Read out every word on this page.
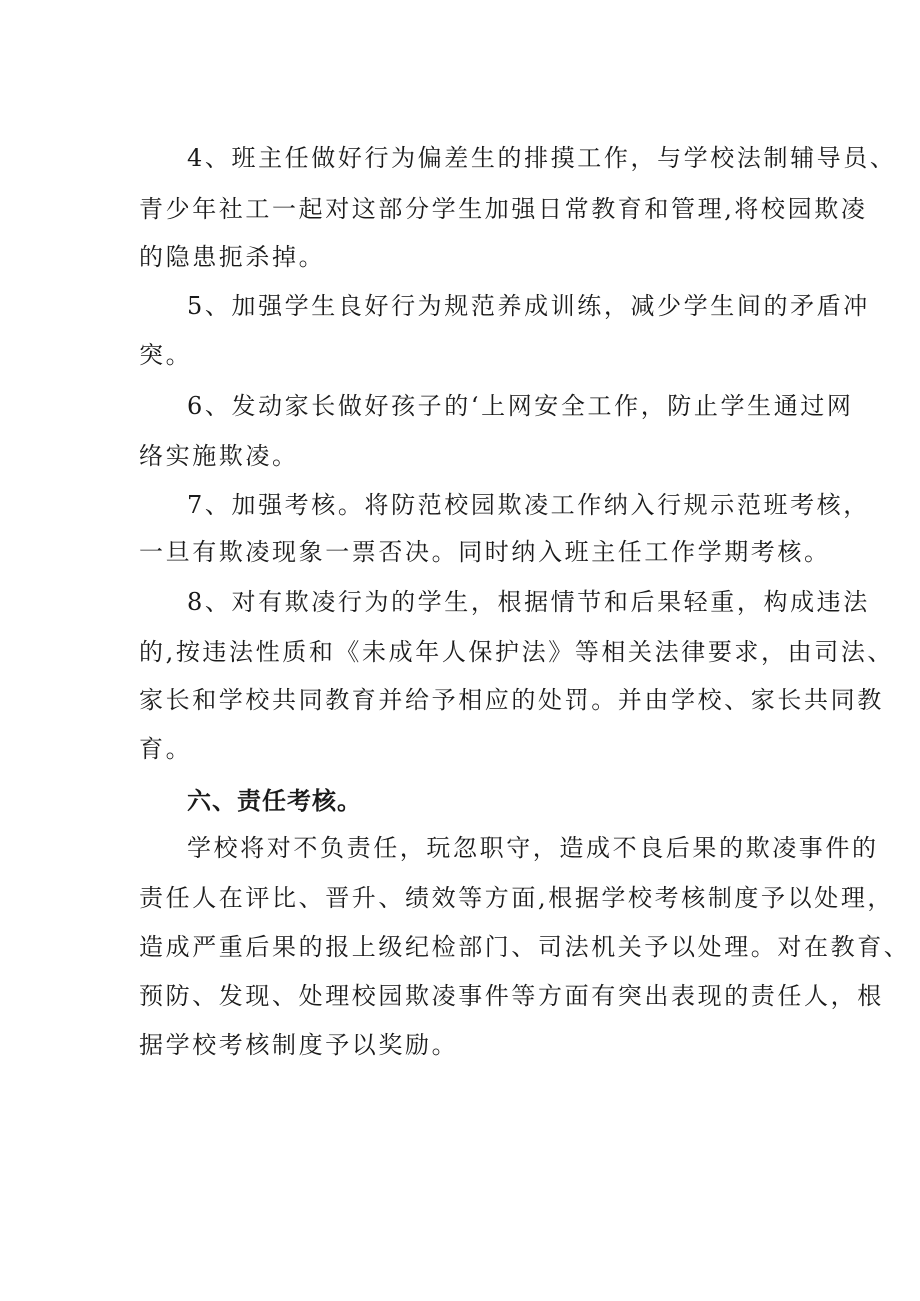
4、班主任做好行为偏差生的排摸工作，与学校法制辅导员、
青少年社工一起对这部分学生加强日常教育和管理,将校园欺凌
的隐患扼杀掉。
5、加强学生良好行为规范养成训练，减少学生间的矛盾冲
突。
6、发动家长做好孩子的‘上网安全工作，防止学生通过网
络实施欺凌。
7、加强考核。将防范校园欺凌工作纳入行规示范班考核，
一旦有欺凌现象一票否决。同时纳入班主任工作学期考核。
8、对有欺凌行为的学生，根据情节和后果轻重，构成违法
的,按违法性质和《未成年人保护法》等相关法律要求，由司法、
家长和学校共同教育并给予相应的处罚。并由学校、家长共同教
育。
六、责任考核。
学校将对不负责任，玩忽职守，造成不良后果的欺凌事件的
责任人在评比、晋升、绩效等方面,根据学校考核制度予以处理，
造成严重后果的报上级纪检部门、司法机关予以处理。对在教育、
预防、发现、处理校园欺凌事件等方面有突出表现的责任人，根
据学校考核制度予以奖励。
